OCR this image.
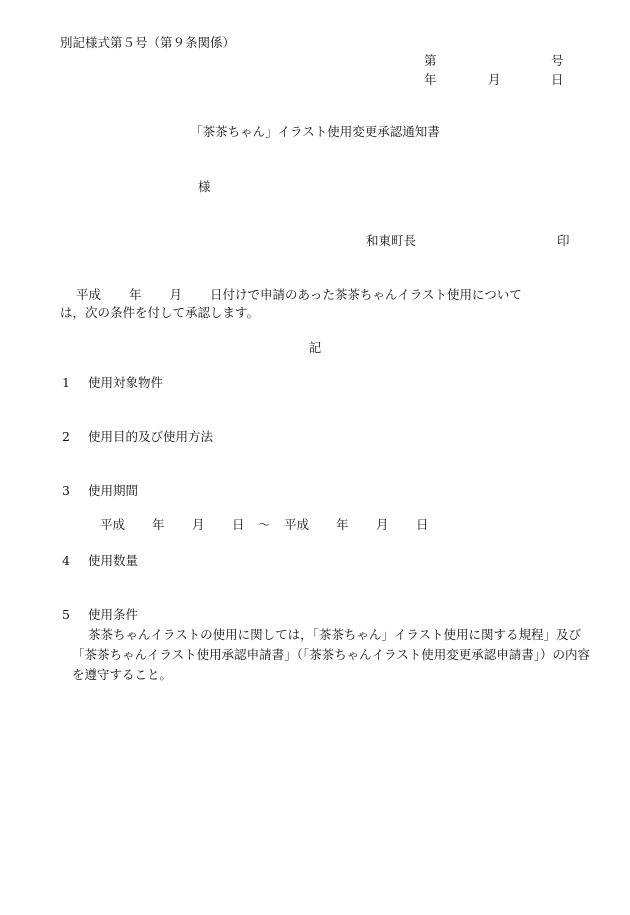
別記様式第５号（第９条関係）
第	号
年	月	日
「茶茶ちゃん」イラスト使用変更承認通知書
様
和東町長	印
平成 年 月 日付けで申請のあった茶茶ちゃんイラスト使用について
は，次の条件を付して承認します。
記
1 使用対象物件
2 使用目的及び使用方法
3 使用期間
平成 年 月 日 〜 平成 年 月 日
4 使用数量
5 使用条件
茶茶ちゃんイラストの使用に関しては，「茶茶ちゃん」イラスト使用に関する規程」及び「茶茶ちゃんイラスト使用承認申請書」（「茶茶ちゃんイラスト使用変更承認申請書」）の内容を遵守すること。
